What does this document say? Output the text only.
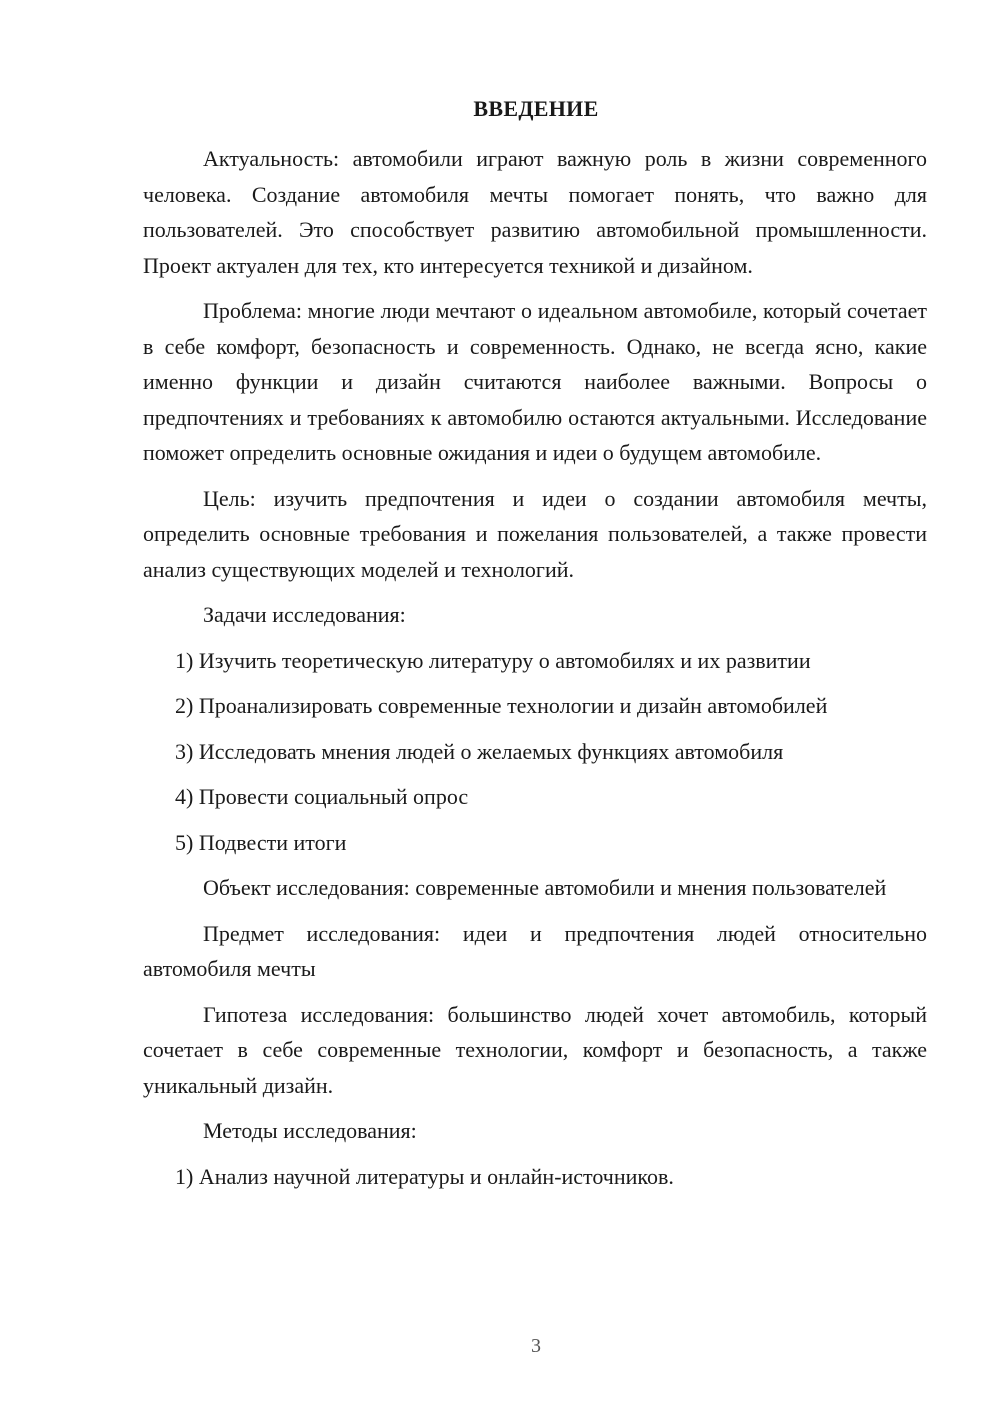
ВВЕДЕНИЕ

Актуальность: автомобили играют важную роль в жизни современного человека. Создание автомобиля мечты помогает понять, что важно для пользователей. Это способствует развитию автомобильной промышленности. Проект актуален для тех, кто интересуется техникой и дизайном.

Проблема: многие люди мечтают о идеальном автомобиле, который сочетает в себе комфорт, безопасность и современность. Однако, не всегда ясно, какие именно функции и дизайн считаются наиболее важными. Вопросы о предпочтениях и требованиях к автомобилю остаются актуальными. Исследование поможет определить основные ожидания и идеи о будущем автомобиле.

Цель: изучить предпочтения и идеи о создании автомобиля мечты, определить основные требования и пожелания пользователей, а также провести анализ существующих моделей и технологий.

Задачи исследования:

1) Изучить теоретическую литературу о автомобилях и их развитии
2) Проанализировать современные технологии и дизайн автомобилей
3) Исследовать мнения людей о желаемых функциях автомобиля
4) Провести социальный опрос
5) Подвести итоги

Объект исследования: современные автомобили и мнения пользователей

Предмет исследования: идеи и предпочтения людей относительно автомобиля мечты

Гипотеза исследования: большинство людей хочет автомобиль, который сочетает в себе современные технологии, комфорт и безопасность, а также уникальный дизайн.

Методы исследования:

1) Анализ научной литературы и онлайн-источников.
3
